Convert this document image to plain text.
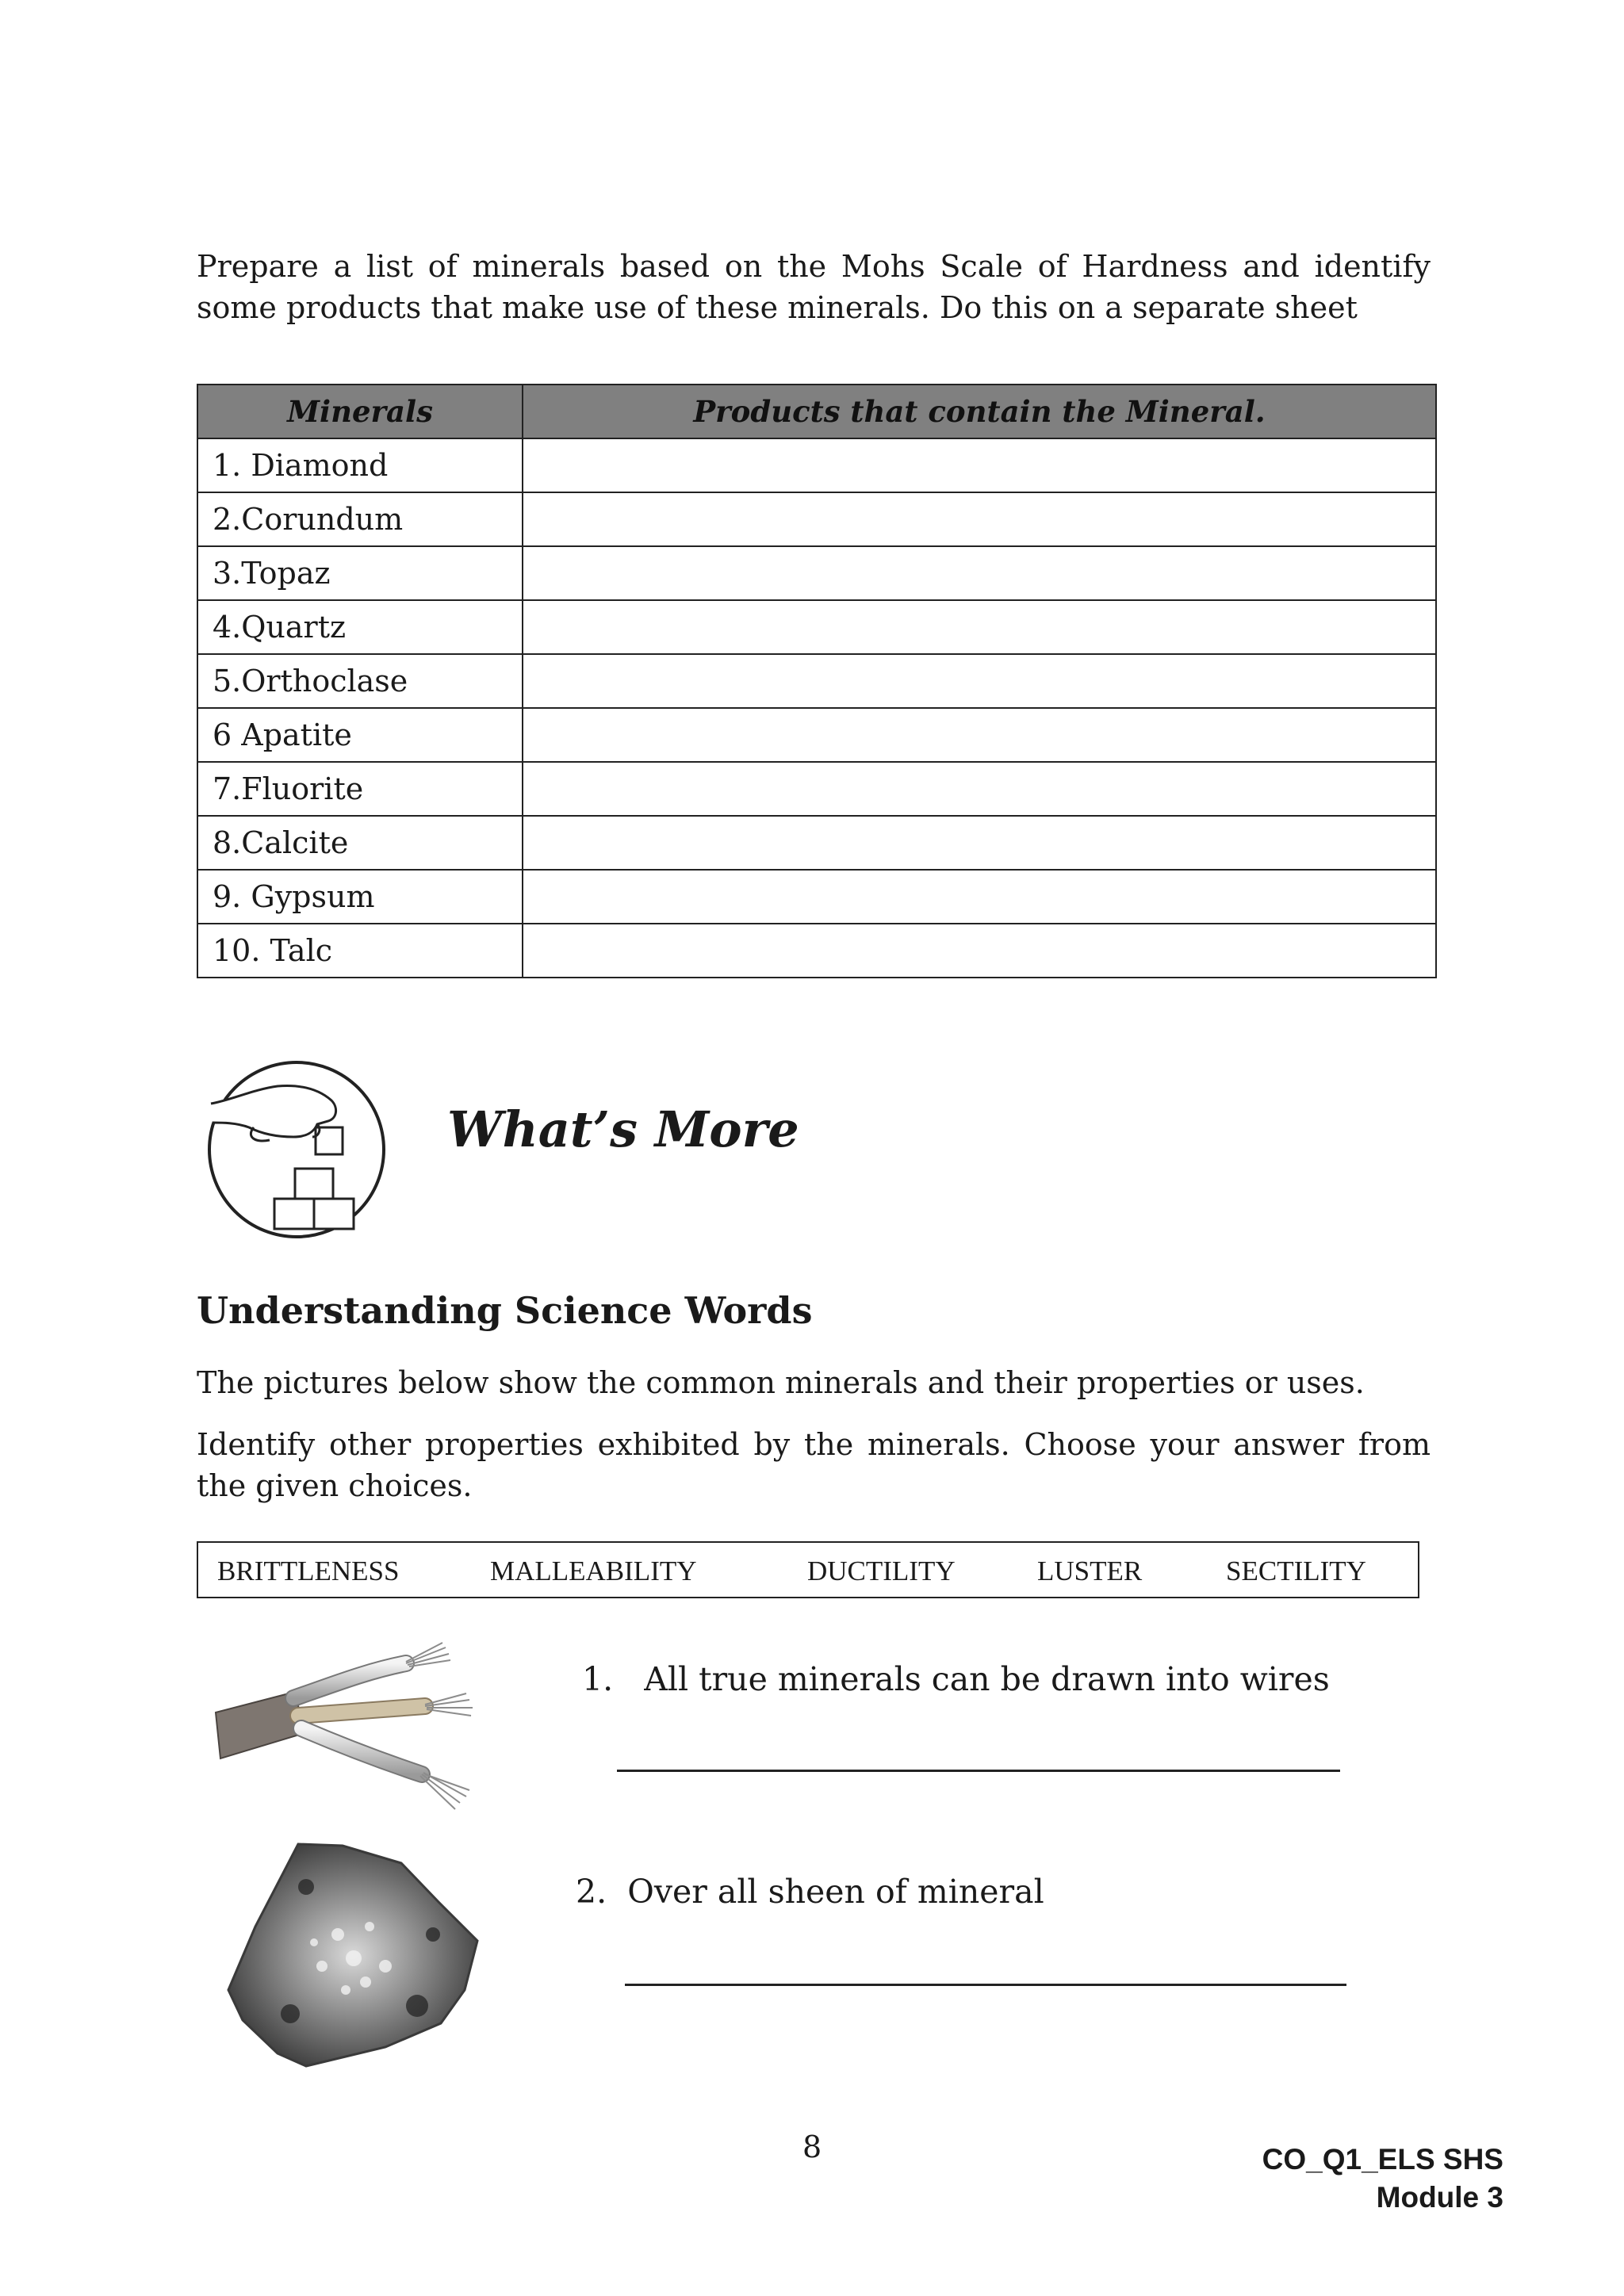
Prepare a list of minerals based on the Mohs Scale of Hardness and identify some products that make use of these minerals. Do this on a separate sheet

Minerals	Products that contain the Mineral.
1. Diamond	
2.Corundum	
3.Topaz	
4.Quartz	
5.Orthoclase	
6 Apatite	
7.Fluorite	
8.Calcite	
9. Gypsum	
10. Talc	
What’s More
Understanding Science Words

The pictures below show the common minerals and their properties or uses.

Identify other properties exhibited by the minerals. Choose your answer from the given choices.

BRITTLENESS	MALLEABILITY	DUCTILITY	LUSTER	SECTILITY

1. All true minerals can be drawn into wires

2. Over all sheen of mineral

8	CO_Q1_ELS SHS
Module 3
